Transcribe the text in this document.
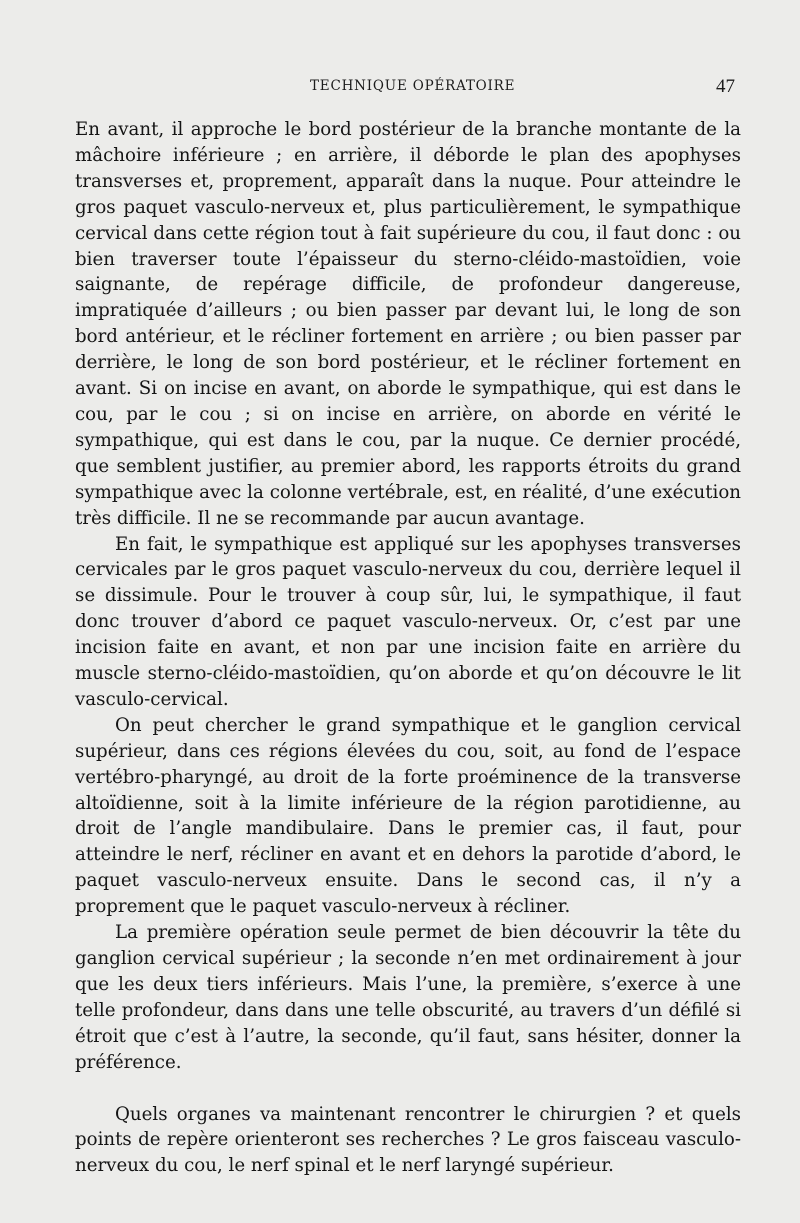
TECHNIQUE OPÉRATOIRE	47

En avant, il approche le bord postérieur de la branche montante de la mâchoire inférieure ; en arrière, il déborde le plan des apophyses transverses et, proprement, apparaît dans la nuque. Pour atteindre le gros paquet vasculo-nerveux et, plus particulièrement, le sympathique cervical dans cette région tout à fait supérieure du cou, il faut donc : ou bien traverser toute l’épaisseur du sterno-cléido-mastoïdien, voie saignante, de repérage difficile, de profondeur dangereuse, impratiquée d’ailleurs ; ou bien passer par devant lui, le long de son bord antérieur, et le récliner fortement en arrière ; ou bien passer par derrière, le long de son bord postérieur, et le récliner fortement en avant. Si on incise en avant, on aborde le sympathique, qui est dans le cou, par le cou ; si on incise en arrière, on aborde en vérité le sympathique, qui est dans le cou, par la nuque. Ce dernier procédé, que semblent justifier, au premier abord, les rapports étroits du grand sympathique avec la colonne vertébrale, est, en réalité, d’une exécution très difficile. Il ne se recommande par aucun avantage.

En fait, le sympathique est appliqué sur les apophyses transverses cervicales par le gros paquet vasculo-nerveux du cou, derrière lequel il se dissimule. Pour le trouver à coup sûr, lui, le sympathique, il faut donc trouver d’abord ce paquet vasculo-nerveux. Or, c’est par une incision faite en avant, et non par une incision faite en arrière du muscle sterno-cléido-mastoïdien, qu’on aborde et qu’on découvre le lit vasculo-cervical.

On peut chercher le grand sympathique et le ganglion cervical supérieur, dans ces régions élevées du cou, soit, au fond de l’espace vertébro-pharyngé, au droit de la forte proéminence de la transverse altoïdienne, soit à la limite inférieure de la région parotidienne, au droit de l’angle mandibulaire. Dans le premier cas, il faut, pour atteindre le nerf, récliner en avant et en dehors la parotide d’abord, le paquet vasculo-nerveux ensuite. Dans le second cas, il n’y a proprement que le paquet vasculo-nerveux à récliner.

La première opération seule permet de bien découvrir la tête du ganglion cervical supérieur ; la seconde n’en met ordinairement à jour que les deux tiers inférieurs. Mais l’une, la première, s’exerce à une telle profondeur, dans dans une telle obscurité, au travers d’un défilé si étroit que c’est à l’autre, la seconde, qu’il faut, sans hésiter, donner la préférence.

Quels organes va maintenant rencontrer le chirurgien ? et quels points de repère orienteront ses recherches ? Le gros faisceau vasculo-nerveux du cou, le nerf spinal et le nerf laryngé supérieur.
